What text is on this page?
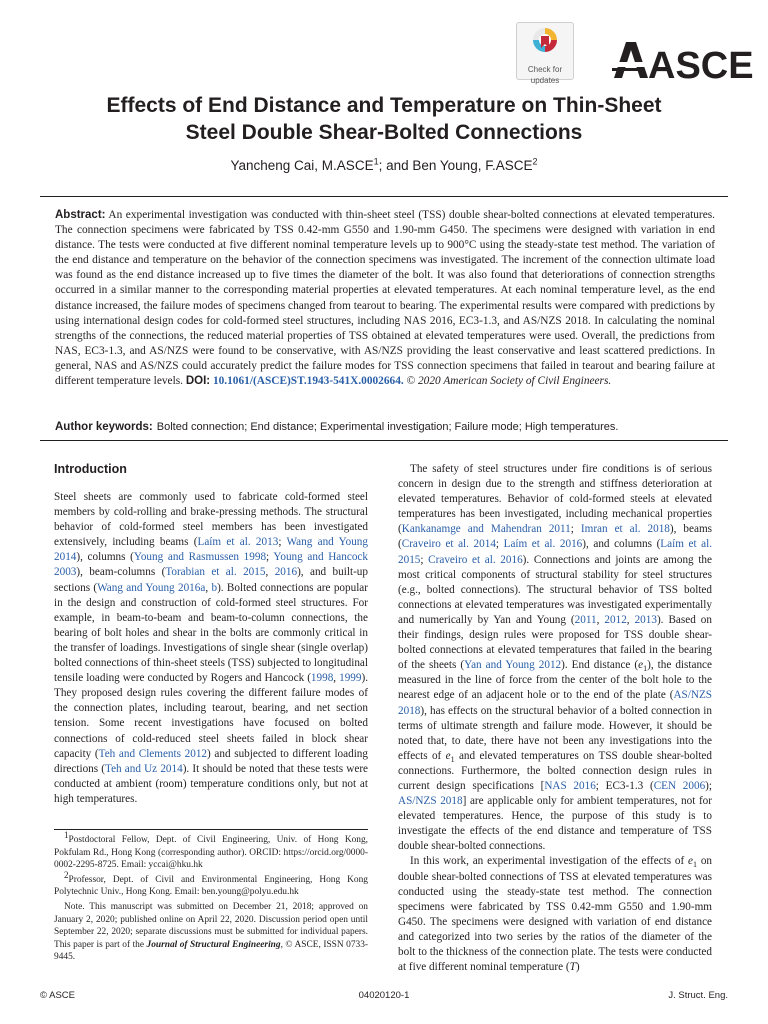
Check for
updates	ASCE
Effects of End Distance and Temperature on Thin-Sheet
Steel Double Shear-Bolted Connections
Yancheng Cai, M.ASCE$^1$; and Ben Young, F.ASCE$^2$

Abstract: An experimental investigation was conducted with thin-sheet steel (TSS) double shear-bolted connections at elevated temperatures. The connection specimens were fabricated by TSS 0.42-mm G550 and 1.90-mm G450. The specimens were designed with variation in end distance. The tests were conducted at five different nominal temperature levels up to 900°C using the steady-state test method. The variation of the end distance and temperature on the behavior of the connection specimens was investigated. The increment of the connection ultimate load was found as the end distance increased up to five times the diameter of the bolt. It was also found that deteriorations of connection strengths occurred in a similar manner to the corresponding material properties at elevated temperatures. At each nominal temperature level, as the end distance increased, the failure modes of specimens changed from tearout to bearing. The experimental results were compared with predictions by using international design codes for cold-formed steel structures, including NAS 2016, EC3-1.3, and AS/NZS 2018. In calculating the nominal strengths of the connections, the reduced material properties of TSS obtained at elevated temperatures were used. Overall, the predictions from NAS, EC3-1.3, and AS/NZS were found to be conservative, with AS/NZS providing the least conservative and least scattered predictions. In general, NAS and AS/NZS could accurately predict the failure modes for TSS connection specimens that failed in tearout and bearing failure at different temperature levels. DOI: 10.1061/(ASCE)ST.1943-541X.0002664. © 2020 American Society of Civil Engineers.

Author keywords: Bolted connection; End distance; Experimental investigation; Failure mode; High temperatures.

Introduction

Steel sheets are commonly used to fabricate cold-formed steel members by cold-rolling and brake-pressing methods. The structural behavior of cold-formed steel members has been investigated extensively, including beams (Laím et al. 2013; Wang and Young 2014), columns (Young and Rasmussen 1998; Young and Hancock 2003), beam-columns (Torabian et al. 2015, 2016), and built-up sections (Wang and Young 2016a, b). Bolted connections are popular in the design and construction of cold-formed steel structures. For example, in beam-to-beam and beam-to-column connections, the bearing of bolt holes and shear in the bolts are commonly critical in the transfer of loadings. Investigations of single shear (single overlap) bolted connections of thin-sheet steels (TSS) subjected to longitudinal tensile loading were conducted by Rogers and Hancock (1998, 1999). They proposed design rules covering the different failure modes of the connection plates, including tearout, bearing, and net section tension. Some recent investigations have focused on bolted connections of cold-reduced steel sheets failed in block shear capacity (Teh and Clements 2012) and subjected to different loading directions (Teh and Uz 2014). It should be noted that these tests were conducted at ambient (room) temperature conditions only, but not at high temperatures.

$^1$Postdoctoral Fellow, Dept. of Civil Engineering, Univ. of Hong Kong, Pokfulam Rd., Hong Kong (corresponding author). ORCID: https://orcid.org/0000-0002-2295-8725. Email: yccai@hku.hk

$^2$Professor, Dept. of Civil and Environmental Engineering, Hong Kong Polytechnic Univ., Hong Kong. Email: ben.young@polyu.edu.hk

Note. This manuscript was submitted on December 21, 2018; approved on January 2, 2020; published online on April 22, 2020. Discussion period open until September 22, 2020; separate discussions must be submitted for individual papers. This paper is part of the Journal of Structural Engineering, © ASCE, ISSN 0733-9445.

The safety of steel structures under fire conditions is of serious concern in design due to the strength and stiffness deterioration at elevated temperatures. Behavior of cold-formed steels at elevated temperatures has been investigated, including mechanical properties (Kankanamge and Mahendran 2011; Imran et al. 2018), beams (Craveiro et al. 2014; Laím et al. 2016), and columns (Laím et al. 2015; Craveiro et al. 2016). Connections and joints are among the most critical components of structural stability for steel structures (e.g., bolted connections). The structural behavior of TSS bolted connections at elevated temperatures was investigated experimentally and numerically by Yan and Young (2011, 2012, 2013). Based on their findings, design rules were proposed for TSS double shear-bolted connections at elevated temperatures that failed in the bearing of the sheets (Yan and Young 2012). End distance $(e_1)$, the distance measured in the line of force from the center of the bolt hole to the nearest edge of an adjacent hole or to the end of the plate (AS/NZS 2018), has effects on the structural behavior of a bolted connection in terms of ultimate strength and failure mode. However, it should be noted that, to date, there have not been any investigations into the effects of $e_1$ and elevated temperatures on TSS double shear-bolted connections. Furthermore, the bolted connection design rules in current design specifications [NAS 2016; EC3-1.3 (CEN 2006); AS/NZS 2018] are applicable only for ambient temperatures, not for elevated temperatures. Hence, the purpose of this study is to investigate the effects of the end distance and temperature of TSS double shear-bolted connections.

In this work, an experimental investigation of the effects of $e_1$ on double shear-bolted connections of TSS at elevated temperatures was conducted using the steady-state test method. The connection specimens were fabricated by TSS 0.42-mm G550 and 1.90-mm G450. The specimens were designed with variation of end distance and categorized into two series by the ratios of the diameter of the bolt to the thickness of the connection plate. The tests were conducted at five different nominal temperature (T)

© ASCE	04020120-1	J. Struct. Eng.
